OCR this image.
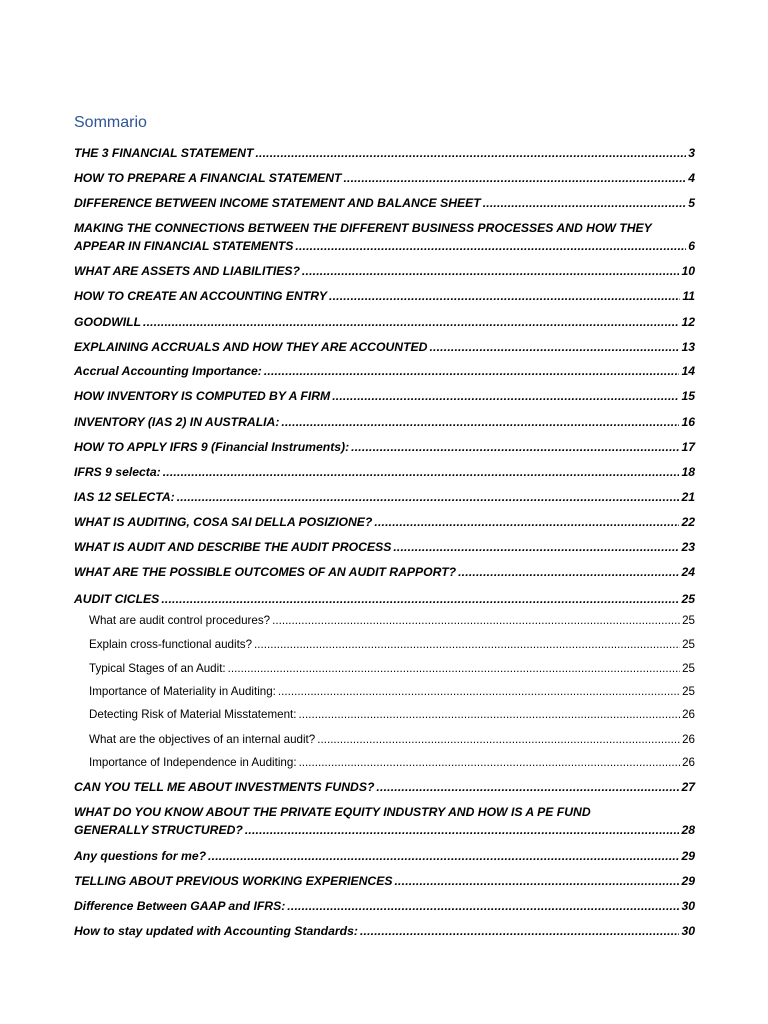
Sommario
THE 3 FINANCIAL STATEMENT . . .	3
HOW TO PREPARE A FINANCIAL STATEMENT . . .	4
DIFFERENCE BETWEEN INCOME STATEMENT AND BALANCE SHEET . . .	5
MAKING THE CONNECTIONS BETWEEN THE DIFFERENT BUSINESS PROCESSES AND HOW THEY
APPEAR IN FINANCIAL STATEMENTS . . .	6
WHAT ARE ASSETS AND LIABILITIES? . . .	10
HOW TO CREATE AN ACCOUNTING ENTRY . . .	11
GOODWILL . . .	12
EXPLAINING ACCRUALS AND HOW THEY ARE ACCOUNTED . . .	13
Accrual Accounting Importance: . . .	14
HOW INVENTORY IS COMPUTED BY A FIRM . . .	15
INVENTORY (IAS 2) IN AUSTRALIA: . . .	16
HOW TO APPLY IFRS 9 (Financial Instruments): . . .	17
IFRS 9 selecta: . . .	18
IAS 12 SELECTA: . . .	21
WHAT IS AUDITING, COSA SAI DELLA POSIZIONE? . . .	22
WHAT IS AUDIT AND DESCRIBE THE AUDIT PROCESS . . .	23
WHAT ARE THE POSSIBLE OUTCOMES OF AN AUDIT RAPPORT? . . .	24
AUDIT CICLES . . .	25
What are audit control procedures? . . .	25
Explain cross-functional audits? . . .	25
Typical Stages of an Audit: . . .	25
Importance of Materiality in Auditing: . . .	25
Detecting Risk of Material Misstatement: . . .	26
What are the objectives of an internal audit? . . .	26
Importance of Independence in Auditing: . . .	26
CAN YOU TELL ME ABOUT INVESTMENTS FUNDS? . . .	27
WHAT DO YOU KNOW ABOUT THE PRIVATE EQUITY INDUSTRY AND HOW IS A PE FUND
GENERALLY STRUCTURED? . . .	28
Any questions for me? . . .	29
TELLING ABOUT PREVIOUS WORKING EXPERIENCES . . .	29
Difference Between GAAP and IFRS: . . .	30
How to stay updated with Accounting Standards: . . .	30
